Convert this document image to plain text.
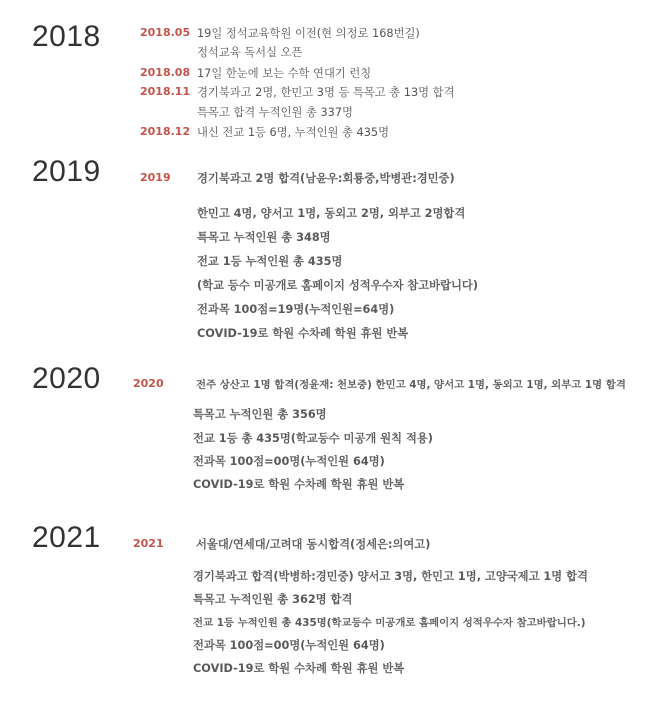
2018	2018.05 19일 정석교육학원 이전(현 의정로 168번길)
정석교육 독서실 오픈
2018.08 17일 한눈에 보는 수학 연대기 런칭
2018.11 경기북과고 2명, 한민고 3명 등 특목고 총 13명 합격
특목고 합격 누적인원 총 337명
2018.12 내신 전교 1등 6명, 누적인원 총 435명
2019	2019 경기북과고 2명 합격(남윤우:회룡중,박병관:경민중)
한민고 4명, 양서고 1명, 동외고 2명, 외부고 2명합격
특목고 누적인원 총 348명
전교 1등 누적인원 총 435명
(학교 등수 미공개로 홈페이지 성적우수자 참고바랍니다)
전과목 100점=19명(누적인원=64명)
COVID-19로 학원 수차례 학원 휴원 반복
2020	2020	전주 상산고 1명 합격(정윤재: 천보중) 한민고 4명, 양서고 1명, 동외고 1명, 외부고 1명 합격
특목고 누적인원 총 356명
전교 1등 총 435명(학교등수 미공개 원칙 적용)
전과목 100점=00명(누적인원 64명)
COVID-19로 학원 수차례 학원 휴원 반복
2021	2021	서울대/연세대/고려대 동시합격(정세은:의여고)
경기북과고 합격(박병하:경민중) 양서고 3명, 한민고 1명, 고양국제고 1명 합격
특목고 누적인원 총 362명 합격
전교 1등 누적인원 총 435명(학교등수 미공개로 홈페이지 성적우수자 참고바랍니다.)
전과목 100점=00명(누적인원 64명)
COVID-19로 학원 수차례 학원 휴원 반복
